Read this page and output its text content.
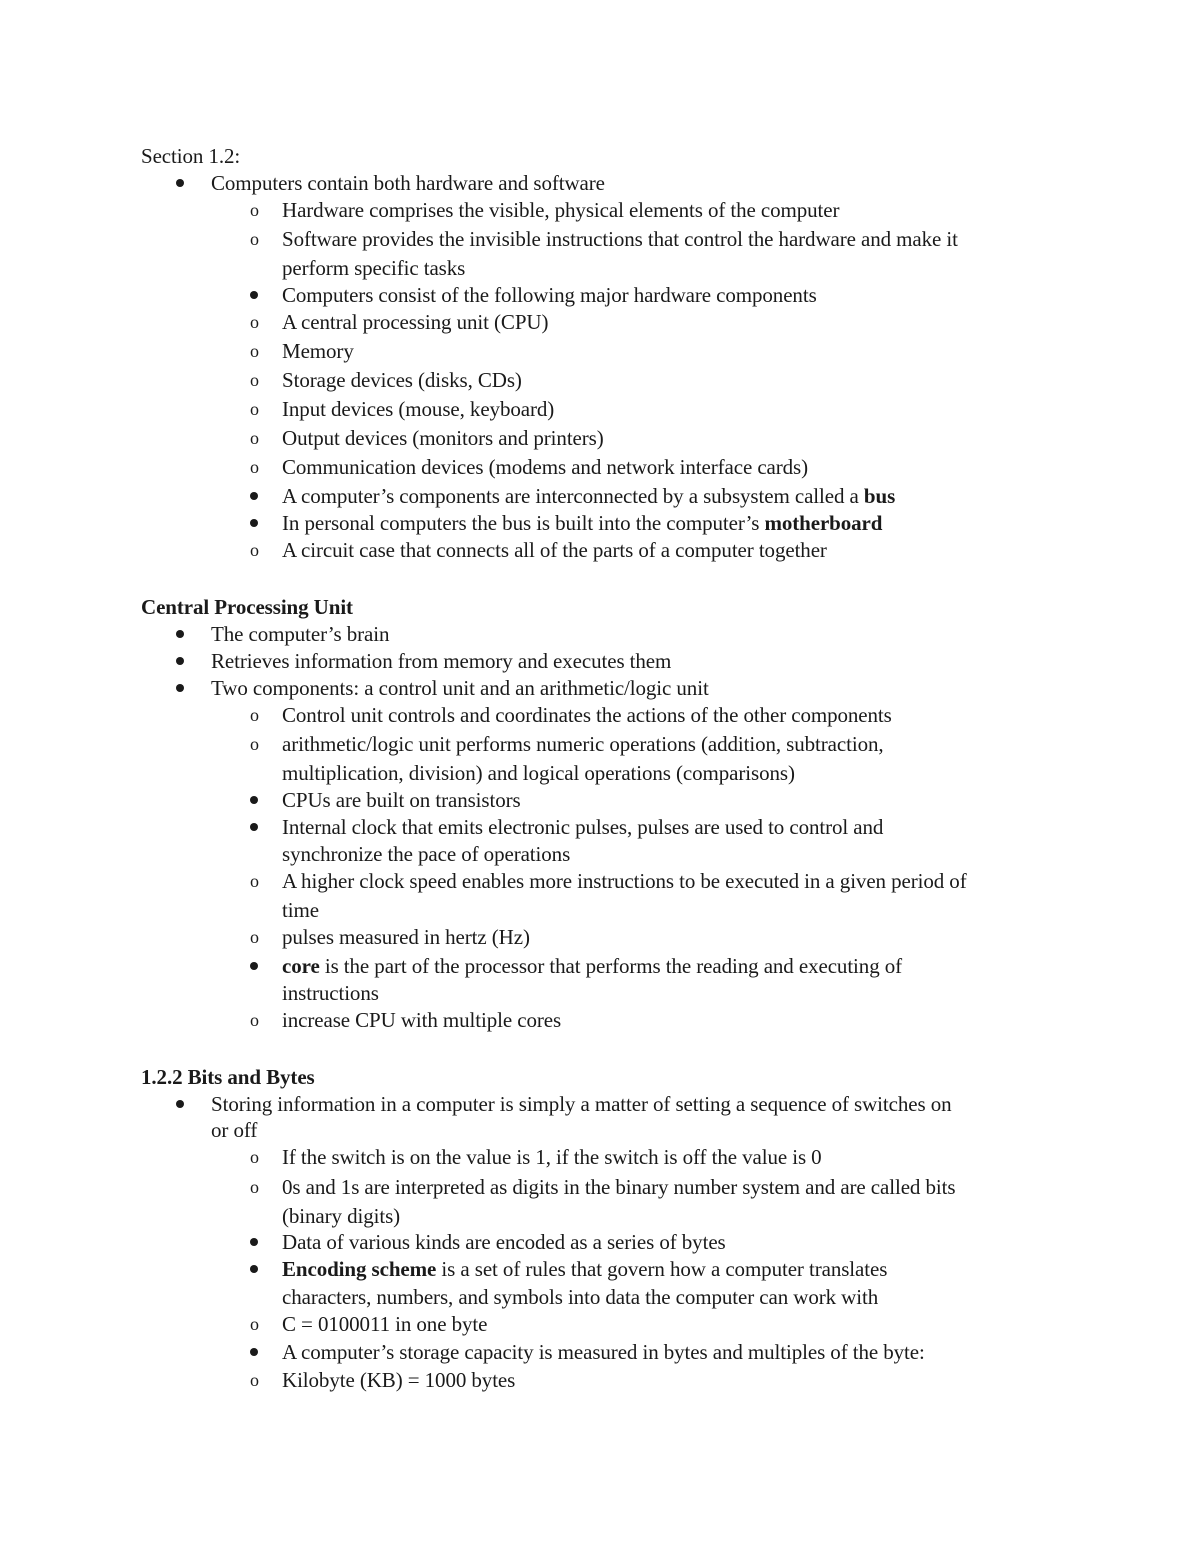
Section 1.2:
Computers contain both hardware and software
o Hardware comprises the visible, physical elements of the computer
o Software provides the invisible instructions that control the hardware and make it
perform specific tasks
Computers consist of the following major hardware components
o A central processing unit (CPU)
o Memory
o Storage devices (disks, CDs)
o Input devices (mouse, keyboard)
o Output devices (monitors and printers)
o Communication devices (modems and network interface cards)
A computer’s components are interconnected by a subsystem called a bus
In personal computers the bus is built into the computer’s motherboard
o A circuit case that connects all of the parts of a computer together
Central Processing Unit
The computer’s brain
Retrieves information from memory and executes them
Two components: a control unit and an arithmetic/logic unit
o Control unit controls and coordinates the actions of the other components
o arithmetic/logic unit performs numeric operations (addition, subtraction,
multiplication, division) and logical operations (comparisons)
CPUs are built on transistors
Internal clock that emits electronic pulses, pulses are used to control and
synchronize the pace of operations
o A higher clock speed enables more instructions to be executed in a given period of
time
o pulses measured in hertz (Hz)
core is the part of the processor that performs the reading and executing of
instructions
o increase CPU with multiple cores
1.2.2 Bits and Bytes
Storing information in a computer is simply a matter of setting a sequence of switches on
or off
o If the switch is on the value is 1, if the switch is off the value is 0
o 0s and 1s are interpreted as digits in the binary number system and are called bits
(binary digits)
Data of various kinds are encoded as a series of bytes
Encoding scheme is a set of rules that govern how a computer translates
characters, numbers, and symbols into data the computer can work with
o C = 0100011 in one byte
A computer’s storage capacity is measured in bytes and multiples of the byte:
o Kilobyte (KB) = 1000 bytes
